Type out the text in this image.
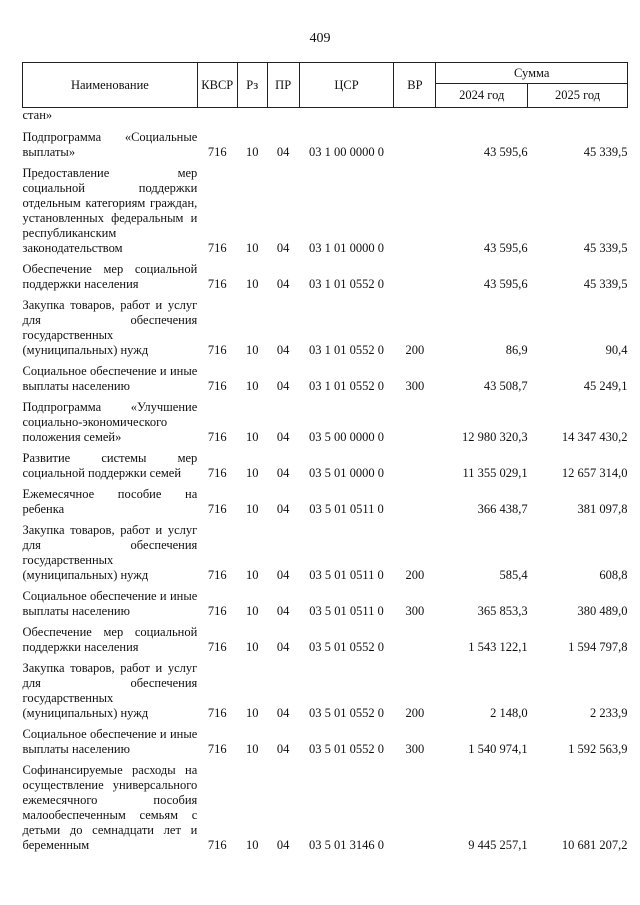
409
Наименование	КВСР	Рз	ПР	ЦСР	ВР	Сумма	
						2024 год	2025 год
стан»							
Подпрограмма «Социальные выплаты»	716	10	04	03 1 00 0000 0		43 595,6	45 339,5
Предоставление мер социальной поддержки отдельным категориям граждан, установленных федеральным и республиканским законодательством	716	10	04	03 1 01 0000 0		43 595,6	45 339,5
Обеспечение мер социальной поддержки населения	716	10	04	03 1 01 0552 0		43 595,6	45 339,5
Закупка товаров, работ и услуг для обеспечения государственных (муниципальных) нужд	716	10	04	03 1 01 0552 0	200	86,9	90,4
Социальное обеспечение и иные выплаты населению	716	10	04	03 1 01 0552 0	300	43 508,7	45 249,1
Подпрограмма «Улучшение социально-экономического положения семей»	716	10	04	03 5 00 0000 0		12 980 320,3	14 347 430,2
Развитие системы мер социальной поддержки семей	716	10	04	03 5 01 0000 0		11 355 029,1	12 657 314,0
Ежемесячное пособие на ребенка	716	10	04	03 5 01 0511 0		366 438,7	381 097,8
Закупка товаров, работ и услуг для обеспечения государственных (муниципальных) нужд	716	10	04	03 5 01 0511 0	200	585,4	608,8
Социальное обеспечение и иные выплаты населению	716	10	04	03 5 01 0511 0	300	365 853,3	380 489,0
Обеспечение мер социальной поддержки населения	716	10	04	03 5 01 0552 0		1 543 122,1	1 594 797,8
Закупка товаров, работ и услуг для обеспечения государственных (муниципальных) нужд	716	10	04	03 5 01 0552 0	200	2 148,0	2 233,9
Социальное обеспечение и иные выплаты населению	716	10	04	03 5 01 0552 0	300	1 540 974,1	1 592 563,9
Софинансируемые расходы на осуществление универсального ежемесячного пособия малообеспеченным семьям с детьми до семнадцати лет и беременным	716	10	04	03 5 01 3146 0		9 445 257,1	10 681 207,2
